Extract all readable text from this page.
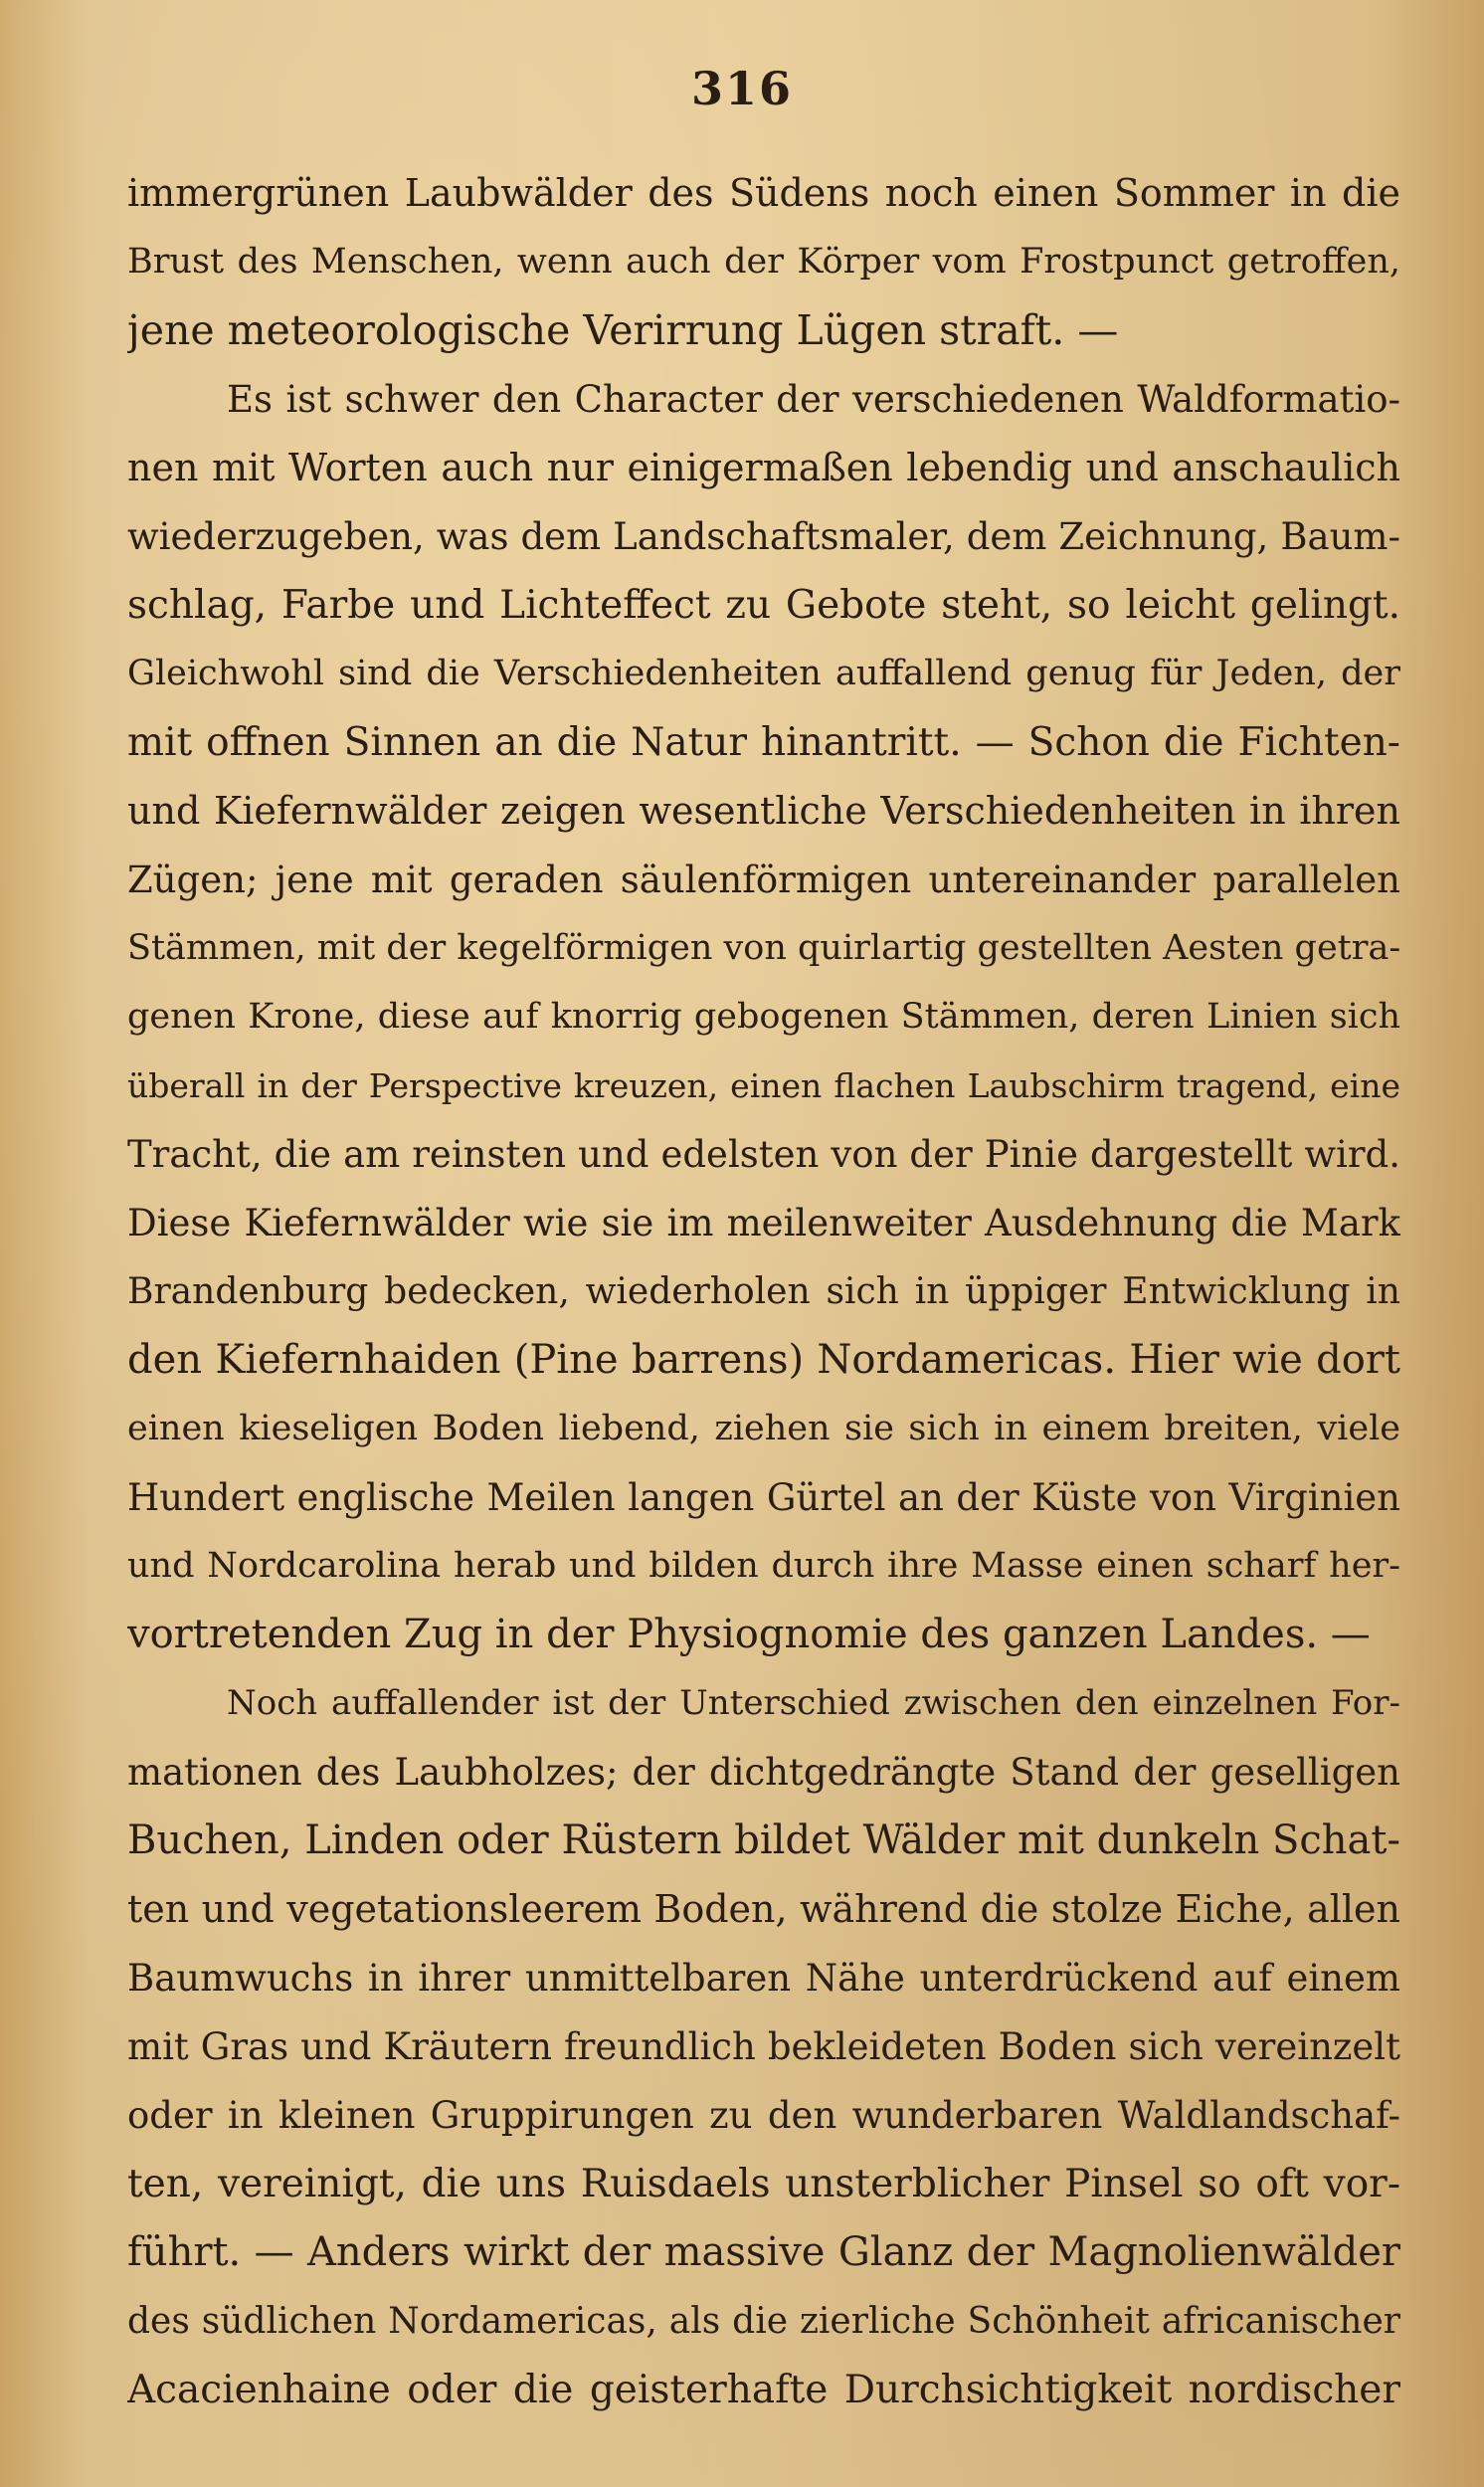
316
immergrünen Laubwälder des Südens noch einen Sommer in die
Brust des Menschen, wenn auch der Körper vom Frostpunct getroffen,
jene meteorologische Verirrung Lügen straft. —
Es ist schwer den Character der verschiedenen Waldformatio-
nen mit Worten auch nur einigermaßen lebendig und anschaulich
wiederzugeben, was dem Landschaftsmaler, dem Zeichnung, Baum-
schlag, Farbe und Lichteffect zu Gebote steht, so leicht gelingt.
Gleichwohl sind die Verschiedenheiten auffallend genug für Jeden, der
mit offnen Sinnen an die Natur hinantritt. — Schon die Fichten-
und Kiefernwälder zeigen wesentliche Verschiedenheiten in ihren
Zügen; jene mit geraden säulenförmigen untereinander parallelen
Stämmen, mit der kegelförmigen von quirlartig gestellten Aesten getra-
genen Krone, diese auf knorrig gebogenen Stämmen, deren Linien sich
überall in der Perspective kreuzen, einen flachen Laubschirm tragend, eine
Tracht, die am reinsten und edelsten von der Pinie dargestellt wird.
Diese Kiefernwälder wie sie im meilenweiter Ausdehnung die Mark
Brandenburg bedecken, wiederholen sich in üppiger Entwicklung in
den Kiefernhaiden (Pine barrens) Nordamericas. Hier wie dort
einen kieseligen Boden liebend, ziehen sie sich in einem breiten, viele
Hundert englische Meilen langen Gürtel an der Küste von Virginien
und Nordcarolina herab und bilden durch ihre Masse einen scharf her-
vortretenden Zug in der Physiognomie des ganzen Landes. —
Noch auffallender ist der Unterschied zwischen den einzelnen For-
mationen des Laubholzes; der dichtgedrängte Stand der geselligen
Buchen, Linden oder Rüstern bildet Wälder mit dunkeln Schat-
ten und vegetationsleerem Boden, während die stolze Eiche, allen
Baumwuchs in ihrer unmittelbaren Nähe unterdrückend auf einem
mit Gras und Kräutern freundlich bekleideten Boden sich vereinzelt
oder in kleinen Gruppirungen zu den wunderbaren Waldlandschaf-
ten, vereinigt, die uns Ruisdaels unsterblicher Pinsel so oft vor-
führt. — Anders wirkt der massive Glanz der Magnolienwälder
des südlichen Nordamericas, als die zierliche Schönheit africanischer
Acacienhaine oder die geisterhafte Durchsichtigkeit nordischer
